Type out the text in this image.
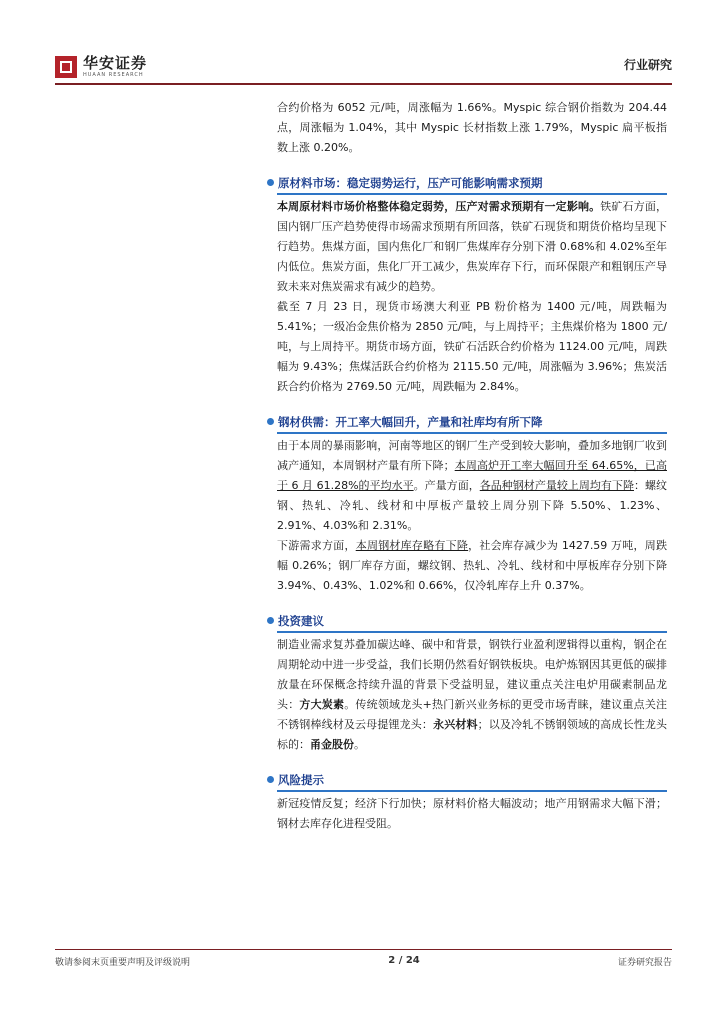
华安证券
HUAAN RESEARCH
行业研究

合约价格为 6052 元/吨，周涨幅为 1.66%。Myspic 综合钢价指数为 204.44 点，周涨幅为 1.04%，其中 Myspic 长材指数上涨 1.79%，Myspic 扁平板指数上涨 0.20%。

原材料市场：稳定弱势运行，压产可能影响需求预期

本周原材料市场价格整体稳定弱势，压产对需求预期有一定影响。铁矿石方面，国内钢厂压产趋势使得市场需求预期有所回落，铁矿石现货和期货价格均呈现下行趋势。焦煤方面，国内焦化厂和钢厂焦煤库存分别下滑 0.68%和 4.02%至年内低位。焦炭方面，焦化厂开工减少，焦炭库存下行，而环保限产和粗钢压产导致未来对焦炭需求有减少的趋势。

截至 7 月 23 日，现货市场澳大利亚 PB 粉价格为 1400 元/吨，周跌幅为 5.41%；一级冶金焦价格为 2850 元/吨，与上周持平；主焦煤价格为 1800 元/吨，与上周持平。期货市场方面，铁矿石活跃合约价格为 1124.00 元/吨，周跌幅为 9.43%；焦煤活跃合约价格为 2115.50 元/吨，周涨幅为 3.96%；焦炭活跃合约价格为 2769.50 元/吨，周跌幅为 2.84%。

钢材供需：开工率大幅回升，产量和社库均有所下降

由于本周的暴雨影响，河南等地区的钢厂生产受到较大影响，叠加多地钢厂收到减产通知，本周钢材产量有所下降；本周高炉开工率大幅回升至 64.65%，已高于 6 月 61.28%的平均水平。产量方面，各品种钢材产量较上周均有下降：螺纹钢、热轧、冷轧、线材和中厚板产量较上周分别下降 5.50%、1.23%、2.91%、4.03%和 2.31%。

下游需求方面，本周钢材库存略有下降，社会库存减少为 1427.59 万吨，周跌幅 0.26%；钢厂库存方面，螺纹钢、热轧、冷轧、线材和中厚板库存分别下降 3.94%、0.43%、1.02%和 0.66%，仅冷轧库存上升 0.37%。

投资建议

制造业需求复苏叠加碳达峰、碳中和背景，钢铁行业盈利逻辑得以重构，钢企在周期轮动中进一步受益，我们长期仍然看好钢铁板块。电炉炼钢因其更低的碳排放量在环保概念持续升温的背景下受益明显，建议重点关注电炉用碳素制品龙头：方大炭素。传统领域龙头+热门新兴业务标的更受市场青睐，建议重点关注不锈钢棒线材及云母提锂龙头：永兴材料；以及冷轧不锈钢领域的高成长性龙头标的：甬金股份。

风险提示

新冠疫情反复；经济下行加快；原材料价格大幅波动；地产用钢需求大幅下滑；钢材去库存化进程受阻。

敬请参阅末页重要声明及评级说明	2 / 24	证券研究报告
